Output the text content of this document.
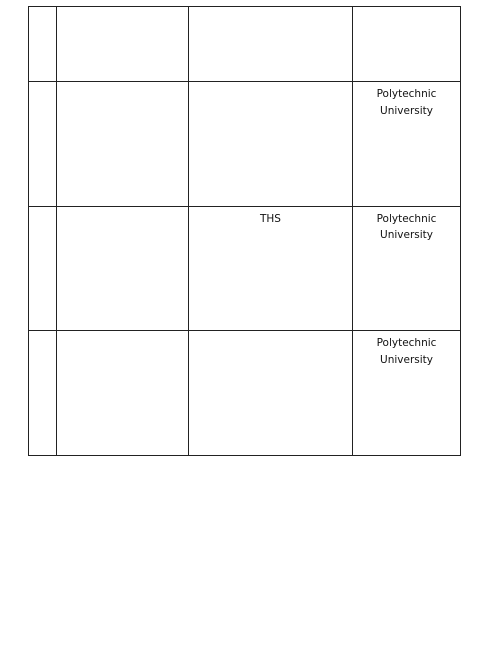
			Polytechnic
University

		THS	Polytechnic
University

			Polytechnic
University
